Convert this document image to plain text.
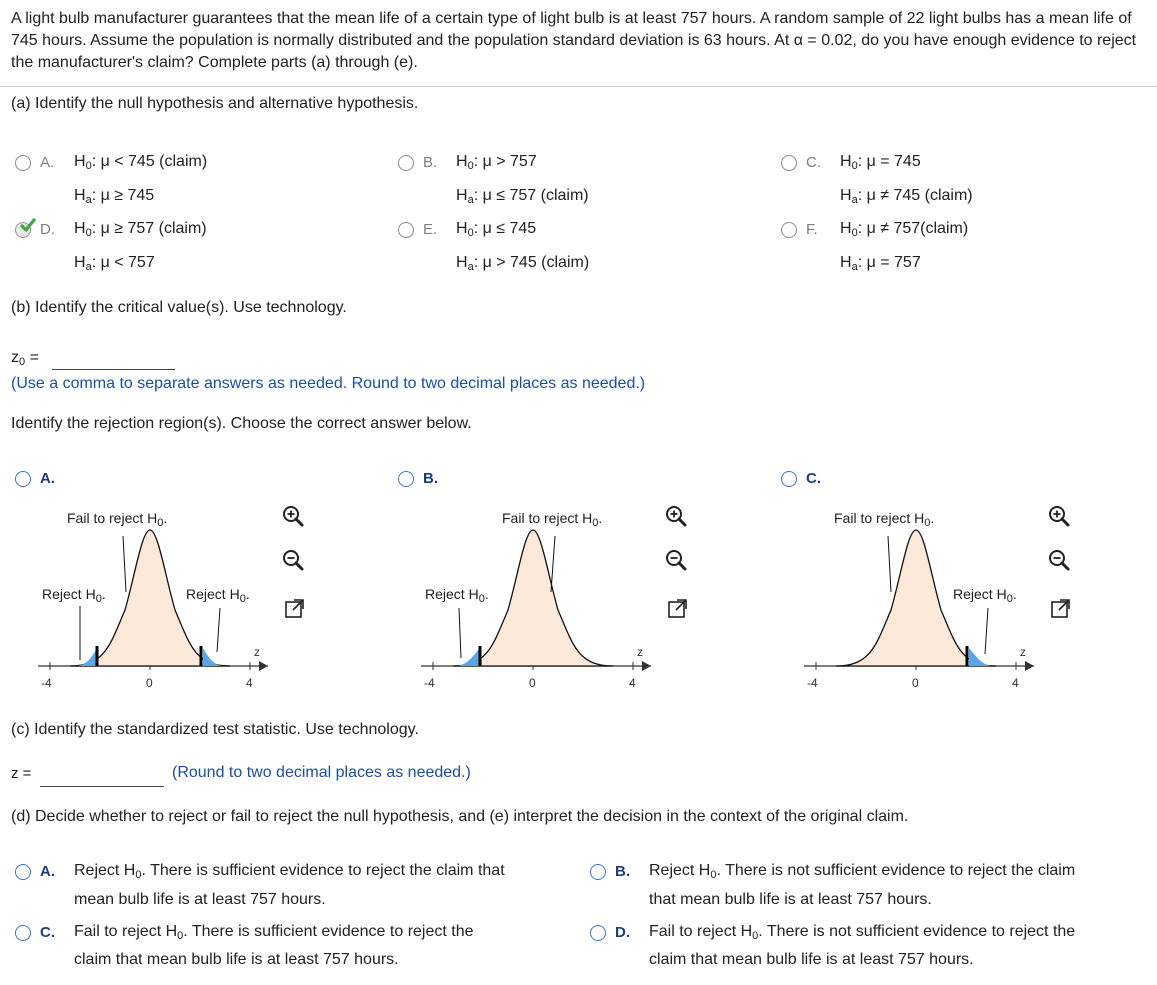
A light bulb manufacturer guarantees that the mean life of a certain type of light bulb is at least 757 hours. A random sample of 22 light bulbs has a mean life of 745 hours. Assume the population is normally distributed and the population standard deviation is 63 hours. At α = 0.02, do you have enough evidence to reject the manufacturer's claim? Complete parts (a) through (e).
(a) Identify the null hypothesis and alternative hypothesis.
A. $H_0$: μ < 745 (claim)
$H_a$: μ ≥ 745
B. $H_0$: μ > 757
$H_a$: μ ≤ 757 (claim)
C. $H_0$: μ = 745
$H_a$: μ ≠ 745 (claim)
D. $H_0$: μ ≥ 757 (claim)
$H_a$: μ < 757
E. $H_0$: μ ≤ 745
$H_a$: μ > 745 (claim)
F. $H_0$: μ ≠ 757(claim)
$H_a$: μ = 757
(b) Identify the critical value(s). Use technology.
$z_0$ =
(Use a comma to separate answers as needed. Round to two decimal places as needed.)
Identify the rejection region(s). Choose the correct answer below.
A.	B.	C.
Fail to reject $H_0$.
Reject $H_0$.	Reject $H_0$.
z
-4	0	4
Fail to reject $H_0$.
Reject $H_0$.
z
-4	0	4
Fail to reject $H_0$.
Reject $H_0$.
z
-4	0	4
(c) Identify the standardized test statistic. Use technology.
z =	(Round to two decimal places as needed.)
(d) Decide whether to reject or fail to reject the null hypothesis, and (e) interpret the decision in the context of the original claim.
A. Reject $H_0$. There is sufficient evidence to reject the claim that
mean bulb life is at least 757 hours.
B. Reject $H_0$. There is not sufficient evidence to reject the claim
that mean bulb life is at least 757 hours.
C. Fail to reject $H_0$. There is sufficient evidence to reject the
claim that mean bulb life is at least 757 hours.
D. Fail to reject $H_0$. There is not sufficient evidence to reject the
claim that mean bulb life is at least 757 hours.
